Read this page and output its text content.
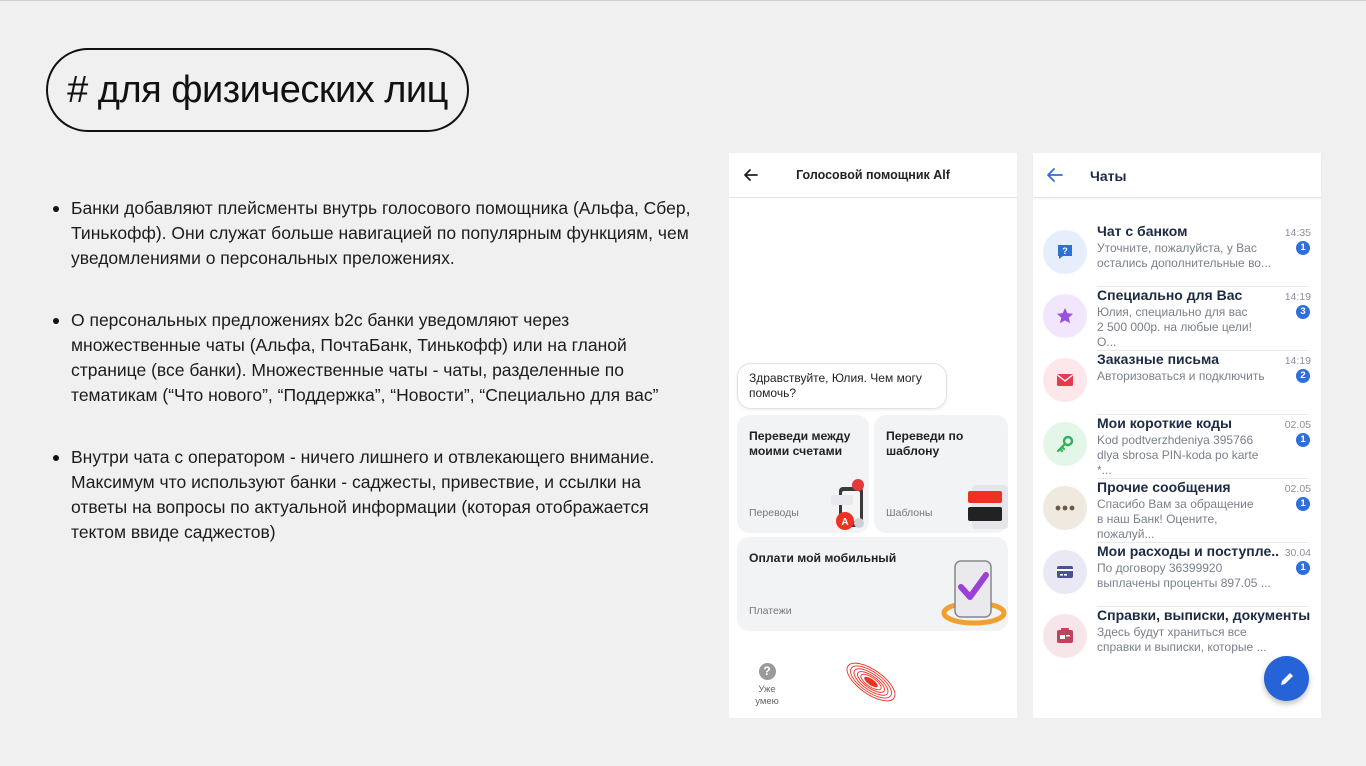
# для физических лиц
Банки добавляют плейсменты внутрь голосового помощника (Альфа, Сбер, Тинькофф). Они служат больше навигацией по популярным функциям, чем уведомлениями о персональных преложениях.
О персональных предложениях b2c банки уведомляют через множественные чаты (Альфа, ПочтаБанк, Тинькофф) или на гланой странице (все банки). Множественные чаты - чаты, разделенные по тематикам (“Что нового”, “Поддержка”, “Новости”, “Специально для вас”
Внутри чата с оператором - ничего лишнего и отвлекающего внимание. Максимум что используют банки - саджесты, привествие, и ссылки на ответы на вопросы по актуальной информации (которая отображается тектом ввиде саджестов)
Голосовой помощник Alf
Здравствуйте, Юлия. Чем могу помочь?
Переведи между моими счетами
Переводы
A
Переведи по шаблону
Шаблоны
Оплати мой мобильный
Платежи
?
Уже умею
Чаты
?
Чат с банком	14:35
Уточните, пожалуйста, у Вас
остались дополнительные во...
1
Специально для Вас	14:19
Юлия, специально для вас
2 500 000р. на любые цели! О...
3
Заказные письма	14:19
Авторизоваться и подключить	2
Мои короткие коды	02.05
Kod podtverzhdeniya 395766
dlya sbrosa PIN-koda po karte *...
1
Прочие сообщения	02.05
Спасибо Вам за обращение
в наш Банк! Оцените, пожалуй...
1
Мои расходы и поступле.. 30.04
По договору 36399920
выплачены проценты 897.05 ...
1
Справки, выписки, документы
Здесь будут храниться все
справки и выписки, которые ...
